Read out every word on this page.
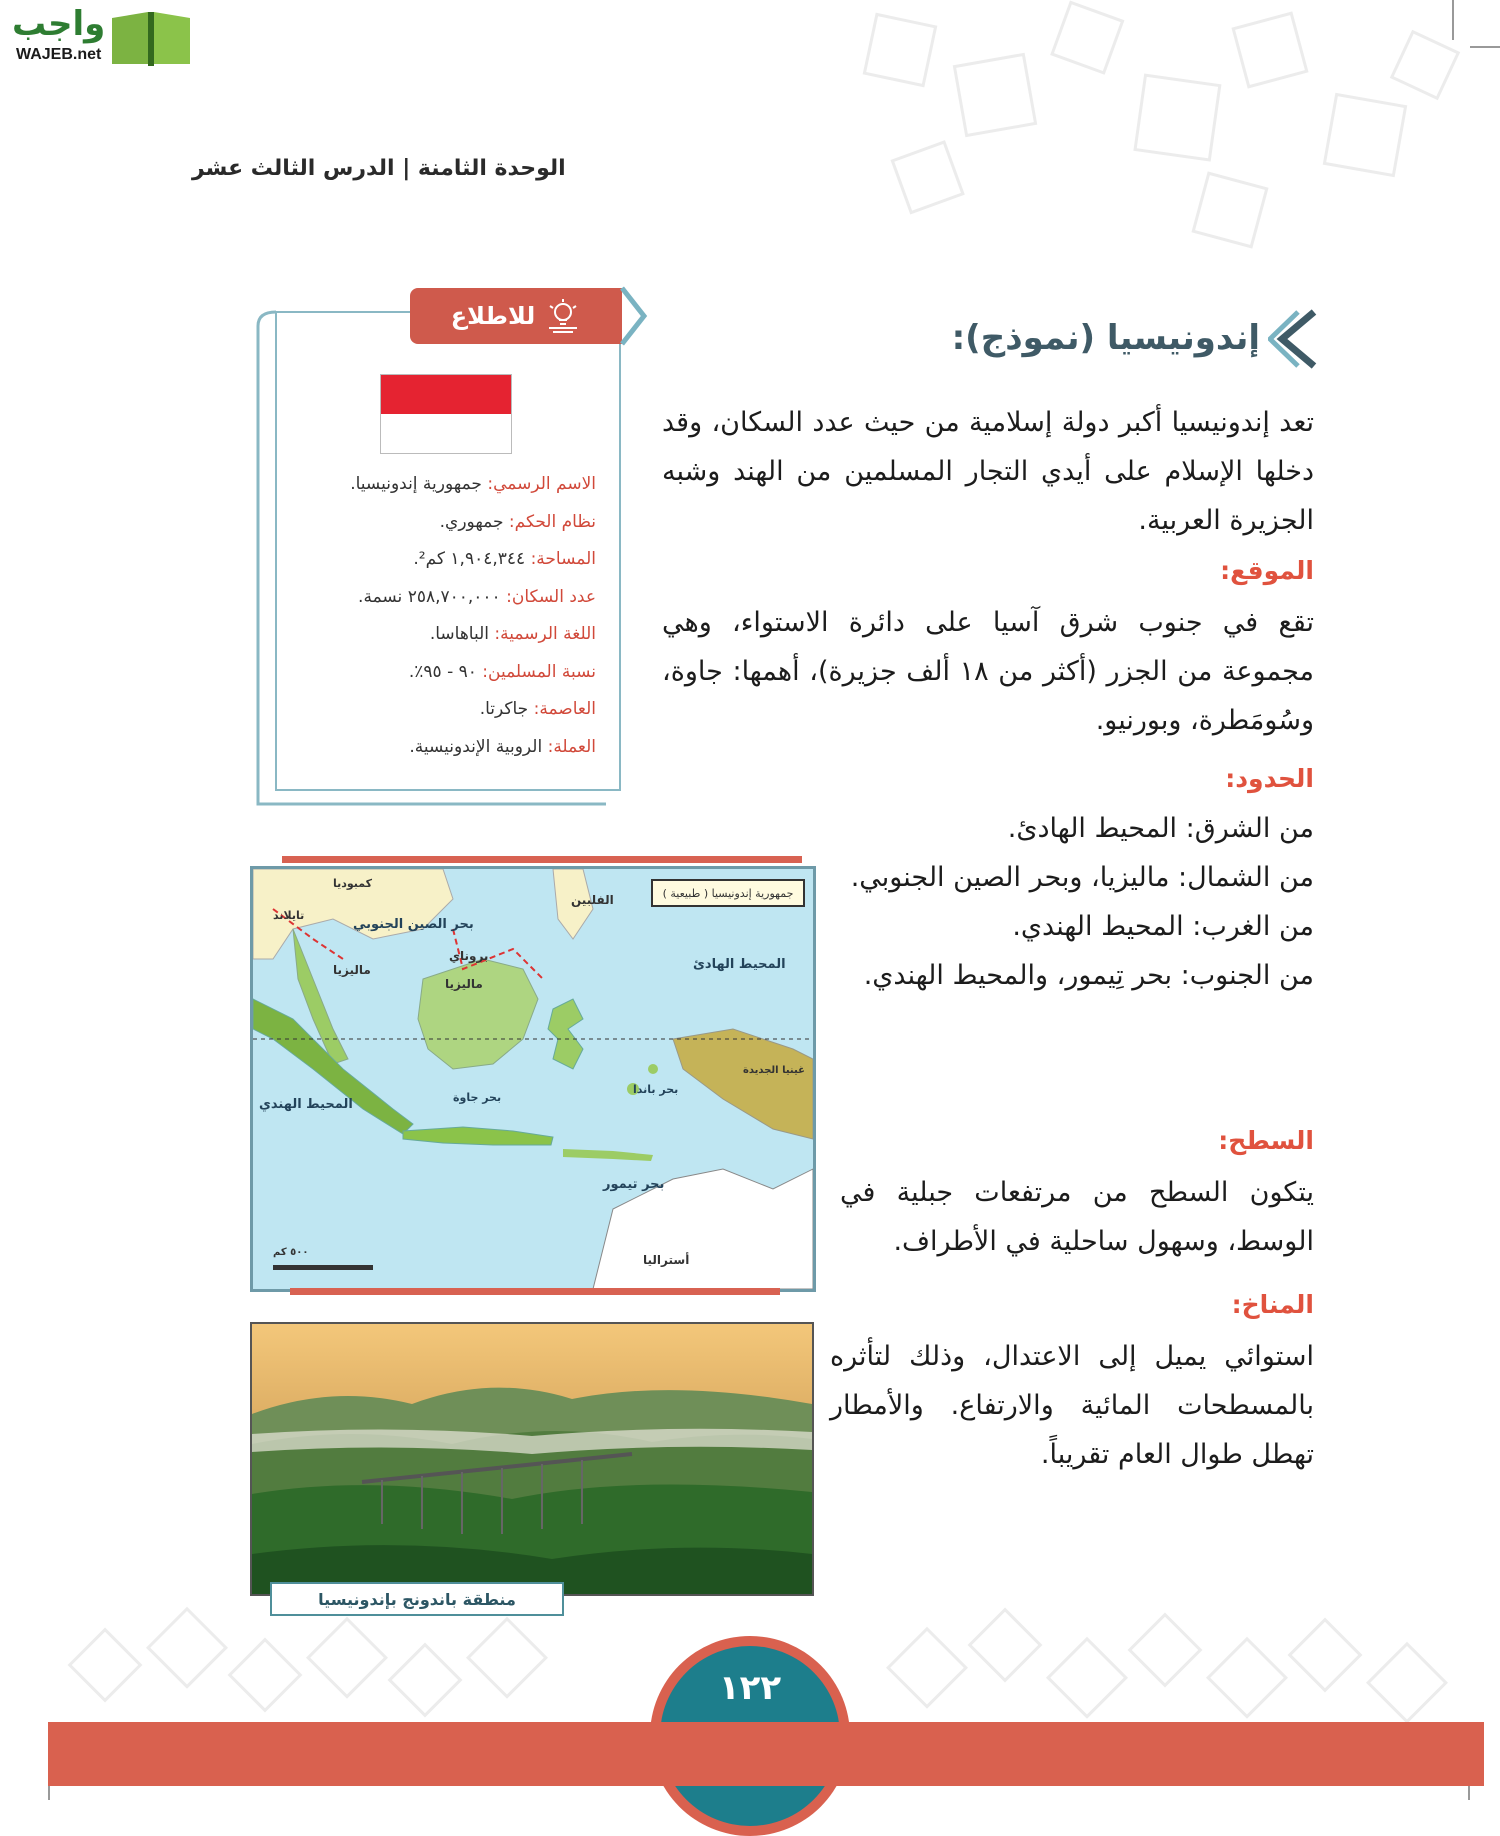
واجب
WAJEB.net
الوحدة الثامنة | الدرس الثالث عشر
إندونيسيا (نموذج):
تعد إندونيسيا أكبر دولة إسلامية من حيث عدد السكان، وقد دخلها الإسلام على أيدي التجار المسلمين من الهند وشبه الجزيرة العربية.
الموقع:
تقع في جنوب شرق آسيا على دائرة الاستواء، وهي مجموعة من الجزر (أكثر من ١٨ ألف جزيرة)، أهمها: جاوة، وسُومَطرة، وبورنيو.
الحدود:
من الشرق: المحيط الهادئ.
من الشمال: ماليزيا، وبحر الصين الجنوبي.
من الغرب: المحيط الهندي.
من الجنوب: بحر تِيمور، والمحيط الهندي.
السطح:
يتكون السطح من مرتفعات جبلية في الوسط، وسهول ساحلية في الأطراف.
المناخ:
استوائي يميل إلى الاعتدال، وذلك لتأثره بالمسطحات المائية والارتفاع. والأمطار تهطل طوال العام تقريباً.
للاطلاع
الاسم الرسمي: جمهورية إندونيسيا.
نظام الحكم: جمهوري.
المساحة: ١,٩٠٤,٣٤٤ كم².
عدد السكان: ٢٥٨,٧٠٠,٠٠٠ نسمة.
اللغة الرسمية: الباهاسا.
نسبة المسلمين: ٩٠ - ٩٥٪.
العاصمة: جاكرتا.
العملة: الروبية الإندونيسية.
جمهورية إندونيسيا ( طبيعية )
بحر الصين الجنوبي
المحيط الهادئ
المحيط الهندي
بحر تيمور
بحر جاوة
بحر باندا
ماليزيا
ماليزيا
بروناي
الفلبين
تايلاند
كمبوديا
أستراليا
غينيا الجديدة
٥٠٠ كم
منطقة باندونج بإندونيسيا
١٢٢
